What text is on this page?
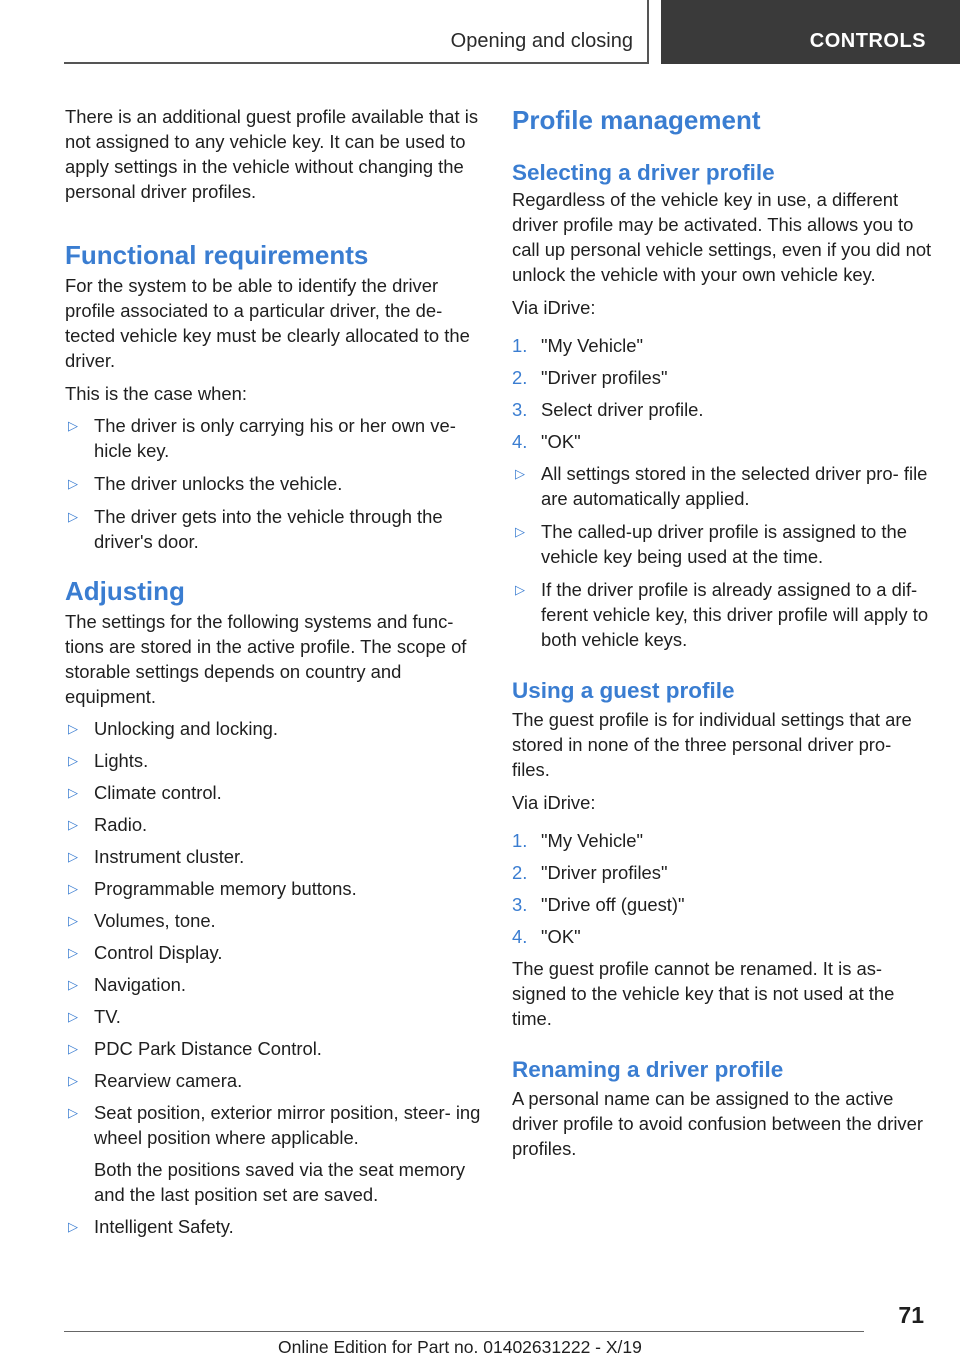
Opening and closing	CONTROLS

There is an additional guest profile available that is not assigned to any vehicle key. It can be used to apply settings in the vehicle without changing the personal driver profiles.

Functional requirements

For the system to be able to identify the driver profile associated to a particular driver, the de‐ tected vehicle key must be clearly allocated to the driver.

This is the case when:

▷ The driver is only carrying his or her own ve‐ hicle key.
▷ The driver unlocks the vehicle.
▷ The driver gets into the vehicle through the driver's door.
Adjusting

The settings for the following systems and func‐ tions are stored in the active profile. The scope of storable settings depends on country and equipment.

▷ Unlocking and locking.
▷ Lights.
▷ Climate control.
▷ Radio.
▷ Instrument cluster.
▷ Programmable memory buttons.
▷ Volumes, tone.
▷ Control Display.
▷ Navigation.
▷ TV.
▷ PDC Park Distance Control.
▷ Rearview camera.
▷ Seat position, exterior mirror position, steer‐ ing wheel position where applicable.
Both the positions saved via the seat memory and the last position set are saved.
▷ Intelligent Safety.
Profile management
Selecting a driver profile

Regardless of the vehicle key in use, a different driver profile may be activated. This allows you to call up personal vehicle settings, even if you did not unlock the vehicle with your own vehicle key.

Via iDrive:

1. "My Vehicle"
2. "Driver profiles"
3. Select driver profile.
4. "OK"
▷ All settings stored in the selected driver pro‐ file are automatically applied.
▷ The called-up driver profile is assigned to the vehicle key being used at the time.
▷ If the driver profile is already assigned to a dif‐ ferent vehicle key, this driver profile will apply to both vehicle keys.
Using a guest profile

The guest profile is for individual settings that are stored in none of the three personal driver pro‐ files.

Via iDrive:

1. "My Vehicle"
2. "Driver profiles"
3. "Drive off (guest)"
4. "OK"

The guest profile cannot be renamed. It is as‐ signed to the vehicle key that is not used at the time.

Renaming a driver profile

A personal name can be assigned to the active driver profile to avoid confusion between the driver profiles.

71
Online Edition for Part no. 01402631222 - X/19
